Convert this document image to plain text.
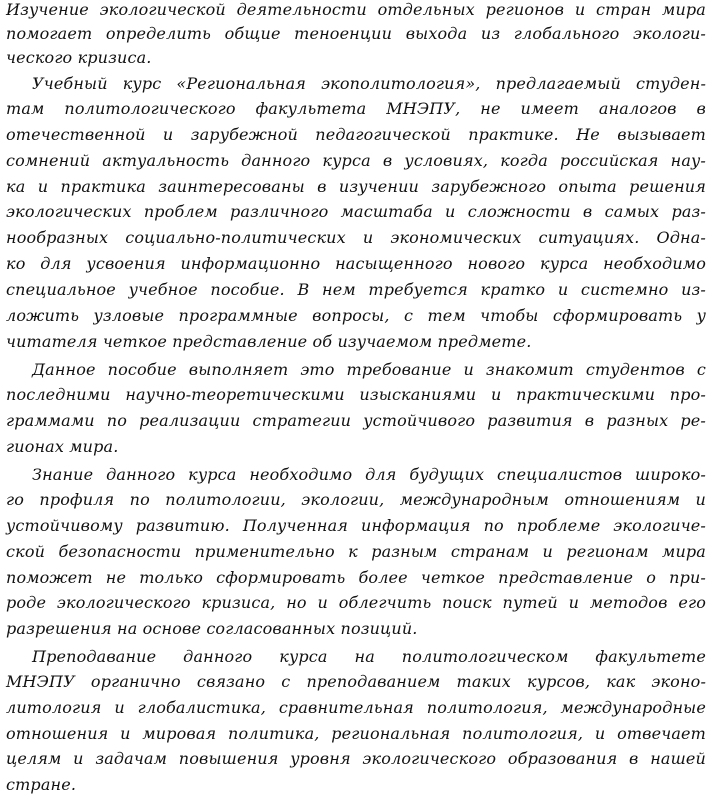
Изучение экологической деятельности отдельных регионов и стран мира
помогает определить общие теноенции выхода из глобального экологи-
ческого кризиса.
Учебный курс «Региональная экополитология», предлагаемый студен-
там политологического факультета МНЭПУ, не имеет аналогов в
отечественной и зарубежной педагогической практике. Не вызывает
сомнений актуальность данного курса в условиях, когда российская нау-
ка и практика заинтересованы в изучении зарубежного опыта решения
экологических проблем различного масштаба и сложности в самых раз-
нообразных социально-политических и экономических ситуациях. Одна-
ко для усвоения информационно насыщенного нового курса необходимо
специальное учебное пособие. В нем требуется кратко и системно из-
ложить узловые программные вопросы, с тем чтобы сформировать у
читателя четкое представление об изучаемом предмете.
Данное пособие выполняет это требование и знакомит студентов с
последними научно-теоретическими изысканиями и практическими про-
граммами по реализации стратегии устойчивого развития в разных ре-
гионах мира.
Знание данного курса необходимо для будущих специалистов широко-
го профиля по политологии, экологии, международным отношениям и
устойчивому развитию. Полученная информация по проблеме экологиче-
ской безопасности применительно к разным странам и регионам мира
поможет не только сформировать более четкое представление о при-
роде экологического кризиса, но и облегчить поиск путей и методов его
разрешения на основе согласованных позиций.
Преподавание данного курса на политологическом факультете
МНЭПУ органично связано с преподаванием таких курсов, как эконо-
литология и глобалистика, сравнительная политология, международные
отношения и мировая политика, региональная политология, и отвечает
целям и задачам повышения уровня экологического образования в нашей
стране.
